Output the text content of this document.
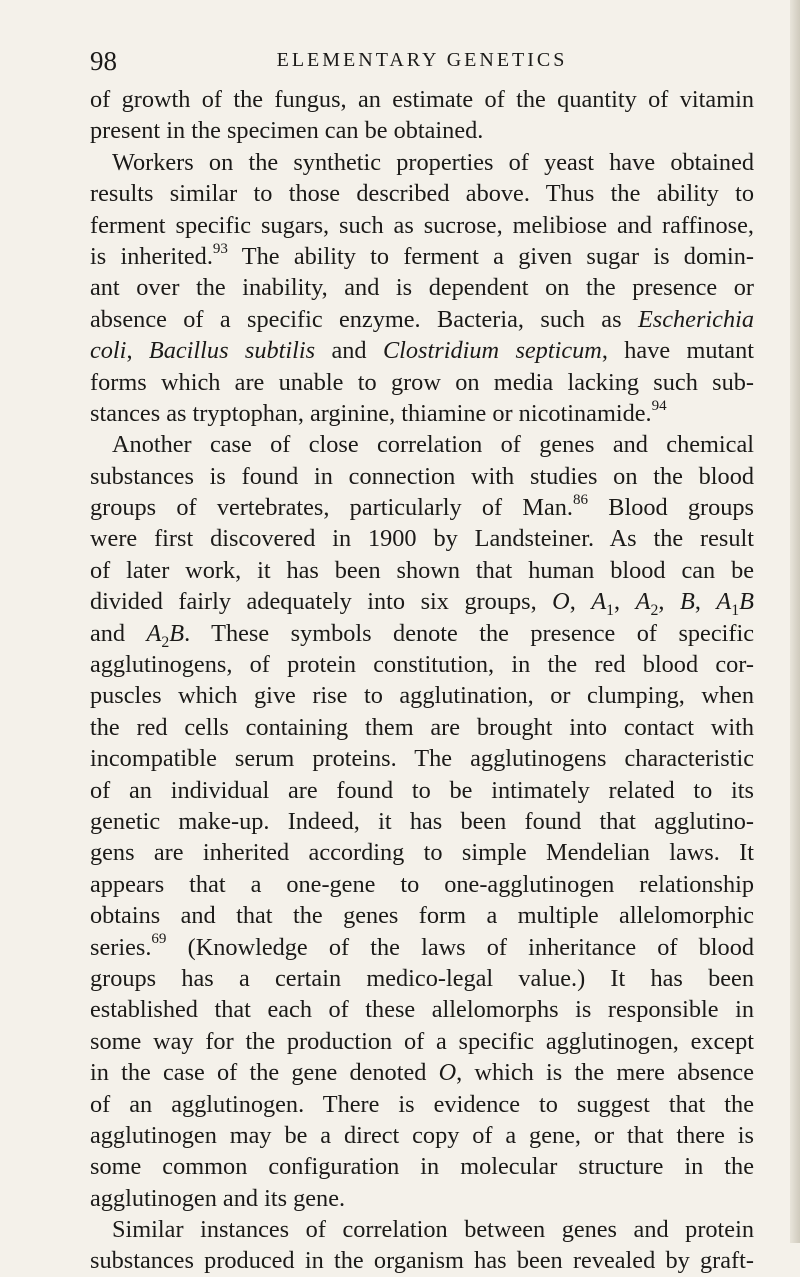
98	ELEMENTARY GENETICS
of growth of the fungus, an estimate of the quantity of vitamin
present in the specimen can be obtained.
Workers on the synthetic properties of yeast have obtained
results similar to those described above. Thus the ability to
ferment specific sugars, such as sucrose, melibiose and raffinose,
is inherited.$^{93}$ The ability to ferment a given sugar is domin-
ant over the inability, and is dependent on the presence or
absence of a specific enzyme. Bacteria, such as Escherichia
coli, Bacillus subtilis and Clostridium septicum, have mutant
forms which are unable to grow on media lacking such sub-
stances as tryptophan, arginine, thiamine or nicotinamide.$^{94}$
Another case of close correlation of genes and chemical
substances is found in connection with studies on the blood
groups of vertebrates, particularly of Man.$^{86}$ Blood groups
were first discovered in 1900 by Landsteiner. As the result
of later work, it has been shown that human blood can be
divided fairly adequately into six groups, O, $A_1$, $A_2$, B, $A_1B$
and $A_2B$. These symbols denote the presence of specific
agglutinogens, of protein constitution, in the red blood cor-
puscles which give rise to agglutination, or clumping, when
the red cells containing them are brought into contact with
incompatible serum proteins. The agglutinogens characteristic
of an individual are found to be intimately related to its
genetic make-up. Indeed, it has been found that agglutino-
gens are inherited according to simple Mendelian laws. It
appears that a one-gene to one-agglutinogen relationship
obtains and that the genes form a multiple allelomorphic
series.$^{69}$ (Knowledge of the laws of inheritance of blood
groups has a certain medico-legal value.) It has been
established that each of these allelomorphs is responsible in
some way for the production of a specific agglutinogen, except
in the case of the gene denoted O, which is the mere absence
of an agglutinogen. There is evidence to suggest that the
agglutinogen may be a direct copy of a gene, or that there is
some common configuration in molecular structure in the
agglutinogen and its gene.
Similar instances of correlation between genes and protein
substances produced in the organism has been revealed by graft-
